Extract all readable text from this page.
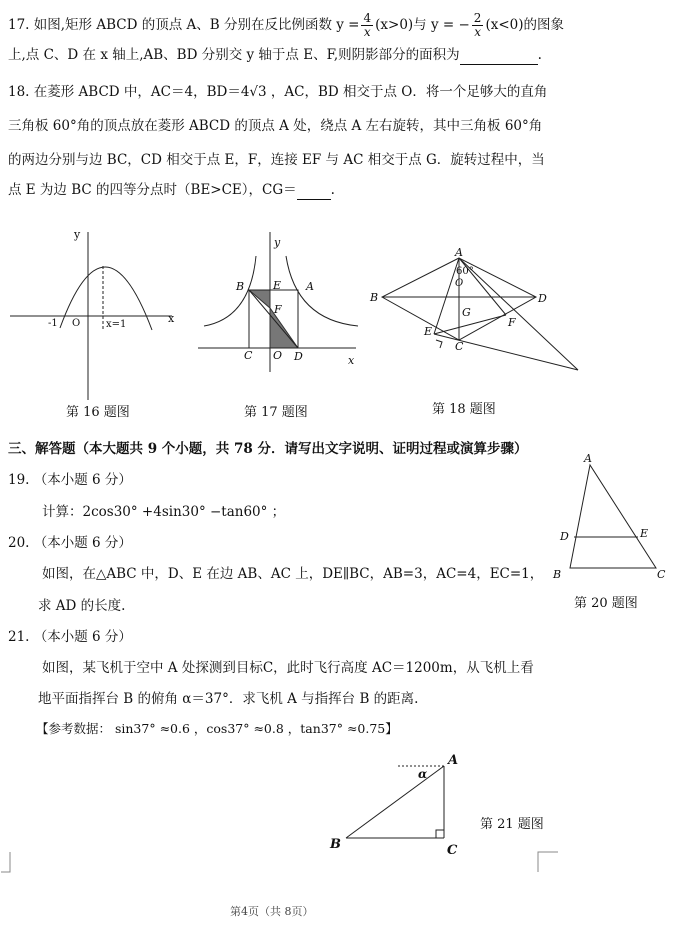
17. 如图,矩形 ABCD 的顶点 A、B 分别在反比例函数 $y = \frac{4}{x} (x>0)$与 y = − $\frac{2}{x} (x<0)$的图象
上,点 C、D 在 x 轴上,AB、BD 分别交 y 轴于点 E、F,则阴影部分的面积为	.
18. 在菱形 ABCD 中，AC＝4，BD＝4√3 ，AC，BD 相交于点 O．将一个足够大的直角
三角板 60°角的顶点放在菱形 ABCD 的顶点 A 处，绕点 A 左右旋转，其中三角板 60°角
的两边分别与边 BC，CD 相交于点 E，F，连接 EF 与 AC 相交于点 G．旋转过程中，当
点 E 为边 BC 的四等分点时（BE>CE），CG＝	.
x
y
-1 O	x=1
B	E A
F
C O D
y
x
A
B	D
O
60°
G
E
F
C
A
D	E
B	C
A
B	C
α
第 16 题图	第 17 题图	第 18 题图
第 20 题图
第 21 题图
三、解答题（本大题共 9 个小题，共 78 分．请写出文字说明、证明过程或演算步骤）
19. （本小题 6 分）
计算：2cos30° +4sin30° −tan60° ；
20. （本小题 6 分）
如图，在△ABC 中，D、E 在边 AB、AC 上，DE∥BC，AB=3，AC=4，EC=1，
求 AD 的长度.
21. （本小题 6 分）
如图，某飞机于空中 A 处探测到目标C，此时飞行高度 AC＝1200m，从飞机上看
地平面指挥台 B 的俯角 α＝37°．求飞机 A 与指挥台 B 的距离.
【参考数据： sin37° ≈0.6 ，cos37° ≈0.8 ，tan37° ≈0.75】
第4页（共 8页）
